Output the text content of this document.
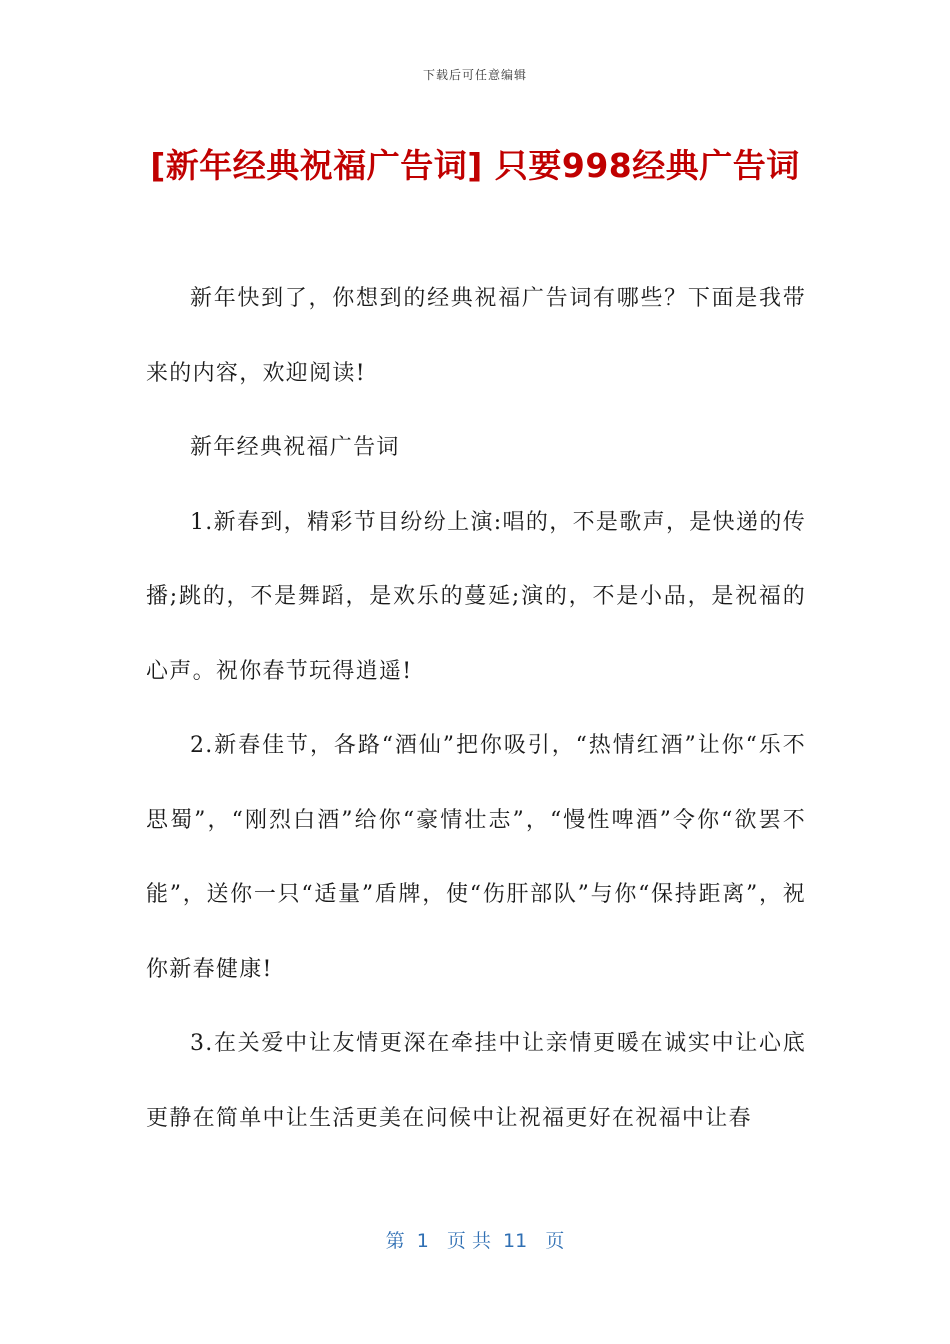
下载后可任意编辑
[新年经典祝福广告词] 只要998经典广告词

新年快到了，你想到的经典祝福广告词有哪些？下面是我带来的内容，欢迎阅读!

新年经典祝福广告词

1.新春到，精彩节目纷纷上演:唱的，不是歌声，是快递的传播;跳的，不是舞蹈，是欢乐的蔓延;演的，不是小品，是祝福的心声。祝你春节玩得逍遥!

2.新春佳节，各路“酒仙”把你吸引，“热情红酒”让你“乐不思蜀”，“刚烈白酒”给你“豪情壮志”，“慢性啤酒”令你“欲罢不能”，送你一只“适量”盾牌，使“伤肝部队”与你“保持距离”，祝你新春健康!

3.在关爱中让友情更深在牵挂中让亲情更暖在诚实中让心底更静在简单中让生活更美在问候中让祝福更好在祝福中让春

第  1   页 共  11   页
